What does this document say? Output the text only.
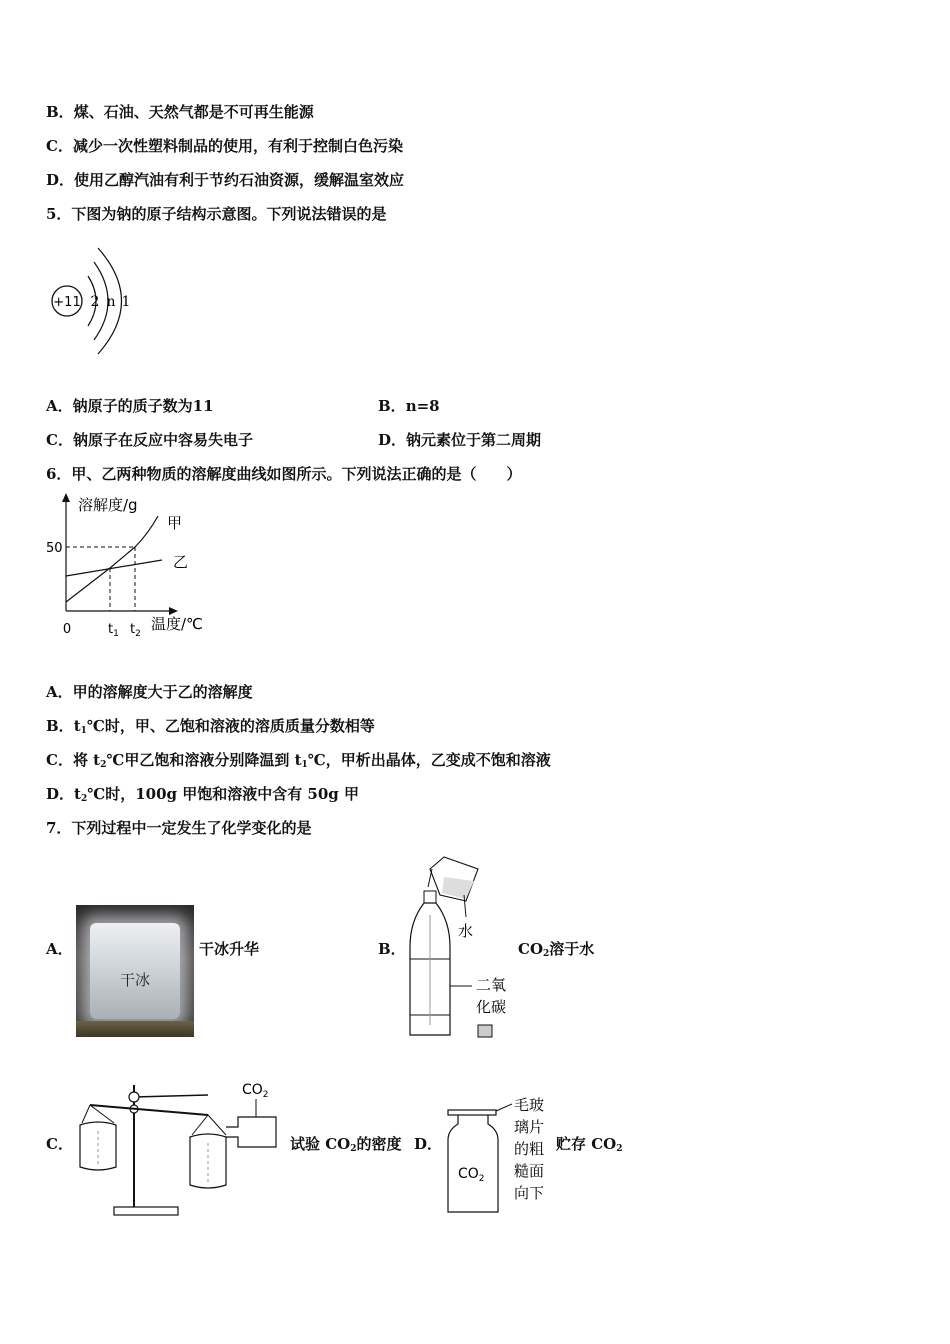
B．煤、石油、天然气都是不可再生能源
C．减少一次性塑料制品的使用，有利于控制白色污染
D．使用乙醇汽油有利于节约石油资源，缓解温室效应
5．下图为钠的原子结构示意图。下列说法错误的是
+11 2 n 1
A．钠原子的质子数为11	B．n=8
C．钠原子在反应中容易失电子	D．钠元素位于第二周期
6．甲、乙两种物质的溶解度曲线如图所示。下列说法正确的是（　　）
溶解度/g
温度/℃
0
50
$t_1$ $t_2$
甲
乙
A．甲的溶解度大于乙的溶解度
B．$t_1℃$时，甲、乙饱和溶液的溶质质量分数相等
C．将 $t_2℃$甲乙饱和溶液分别降温到 $t_1℃$，甲析出晶体，乙变成不饱和溶液
D．$t_2℃$时，100g 甲饱和溶液中含有 50g 甲
7．下列过程中一定发生了化学变化的是
A．
干冰
干冰升华	B．
水
二氧
化碳
$CO_2$溶于水
C．
$CO_2$
试验 $CO_2$的密度 D．
$CO_2$
毛玻
璃片
的粗
糙面
向下
贮存 $CO_2$
